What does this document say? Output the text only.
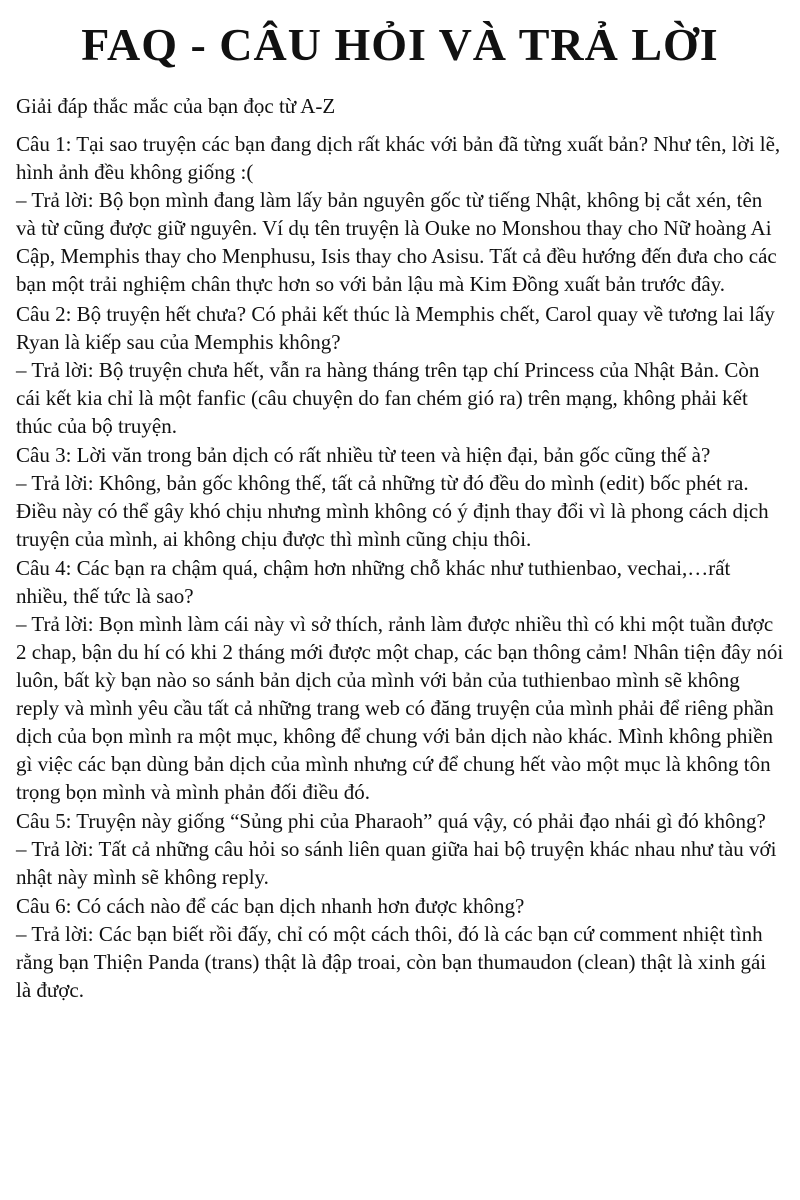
FAQ - CÂU HỎI VÀ TRẢ LỜI

Giải đáp thắc mắc của bạn đọc từ A-Z

Câu 1: Tại sao truyện các bạn đang dịch rất khác với bản đã từng xuất bản? Như tên, lời lẽ, hình ảnh đều không giống :(

– Trả lời: Bộ bọn mình đang làm lấy bản nguyên gốc từ tiếng Nhật, không bị cắt xén, tên và từ cũng được giữ nguyên. Ví dụ tên truyện là Ouke no Monshou thay cho Nữ hoàng Ai Cập, Memphis thay cho Menphusu, Isis thay cho Asisu. Tất cả đều hướng đến đưa cho các bạn một trải nghiệm chân thực hơn so với bản lậu mà Kim Đồng xuất bản trước đây.

Câu 2: Bộ truyện hết chưa? Có phải kết thúc là Memphis chết, Carol quay về tương lai lấy Ryan là kiếp sau của Memphis không?

– Trả lời: Bộ truyện chưa hết, vẫn ra hàng tháng trên tạp chí Princess của Nhật Bản. Còn cái kết kia chỉ là một fanfic (câu chuyện do fan chém gió ra) trên mạng, không phải kết thúc của bộ truyện.

Câu 3: Lời văn trong bản dịch có rất nhiều từ teen và hiện đại, bản gốc cũng thế à?

– Trả lời: Không, bản gốc không thế, tất cả những từ đó đều do mình (edit) bốc phét ra. Điều này có thể gây khó chịu nhưng mình không có ý định thay đổi vì là phong cách dịch truyện của mình, ai không chịu được thì mình cũng chịu thôi.

Câu 4: Các bạn ra chậm quá, chậm hơn những chỗ khác như tuthienbao, vechai,…rất nhiều, thế tức là sao?

– Trả lời: Bọn mình làm cái này vì sở thích, rảnh làm được nhiều thì có khi một tuần được 2 chap, bận du hí có khi 2 tháng mới được một chap, các bạn thông cảm! Nhân tiện đây nói luôn, bất kỳ bạn nào so sánh bản dịch của mình với bản của tuthienbao mình sẽ không reply và mình yêu cầu tất cả những trang web có đăng truyện của mình phải để riêng phần dịch của bọn mình ra một mục, không để chung với bản dịch nào khác. Mình không phiền gì việc các bạn dùng bản dịch của mình nhưng cứ để chung hết vào một mục là không tôn trọng bọn mình và mình phản đối điều đó.

Câu 5: Truyện này giống “Sủng phi của Pharaoh” quá vậy, có phải đạo nhái gì đó không?

– Trả lời: Tất cả những câu hỏi so sánh liên quan giữa hai bộ truyện khác nhau như tàu với nhật này mình sẽ không reply.

Câu 6: Có cách nào để các bạn dịch nhanh hơn được không?

– Trả lời: Các bạn biết rồi đấy, chỉ có một cách thôi, đó là các bạn cứ comment nhiệt tình rằng bạn Thiện Panda (trans) thật là đập troai, còn bạn thumaudon (clean) thật là xinh gái là được.
